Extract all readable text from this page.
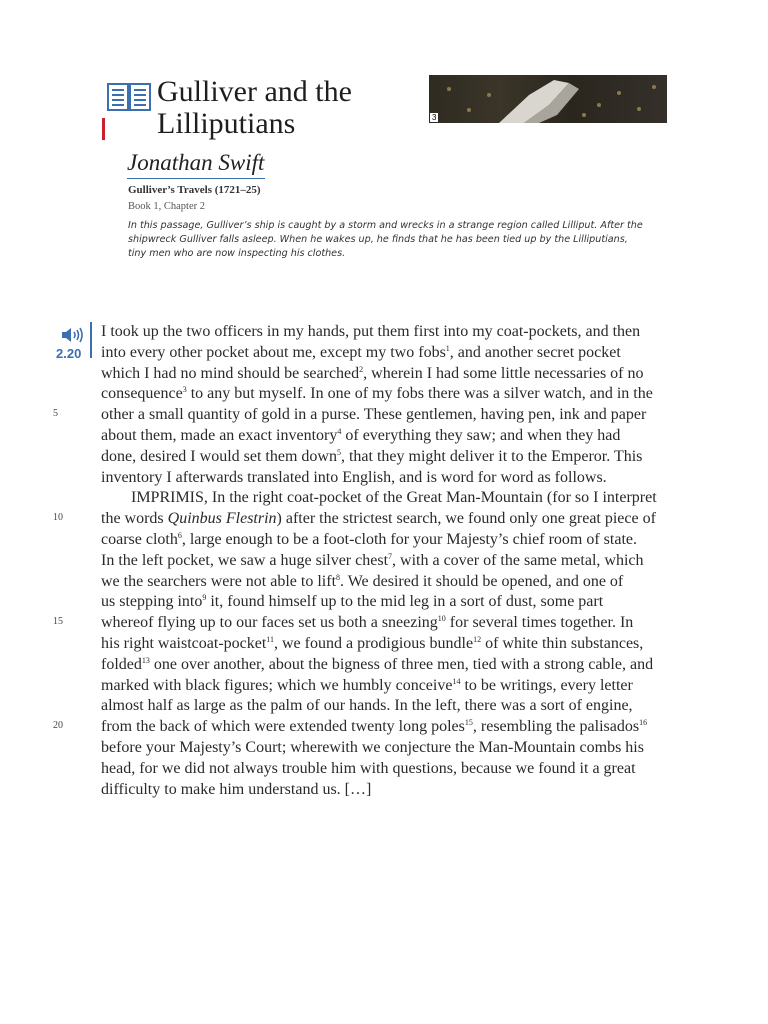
Gulliver and the
Lilliputians	3
Jonathan Swift
Gulliver’s Travels (1721–25)
Book 1, Chapter 2

In this passage, Gulliver’s ship is caught by a storm and wrecks in a strange region called Lilliput. After the
shipwreck Gulliver falls asleep. When he wakes up, he finds that he has been tied up by the Lilliputians,
tiny men who are now inspecting his clothes.

2.20
5
10
15
20
I took up the two officers in my hands, put them first into my coat-pockets, and then
into every other pocket about me, except my two fobs$^1$, and another secret pocket
which I had no mind should be searched$^2$, wherein I had some little necessaries of no
consequence$^3$ to any but myself. In one of my fobs there was a silver watch, and in the
other a small quantity of gold in a purse. These gentlemen, having pen, ink and paper
about them, made an exact inventory$^4$ of everything they saw; and when they had
done, desired I would set them down$^5$, that they might deliver it to the Emperor. This
inventory I afterwards translated into English, and is word for word as follows.
IMPRIMIS, In the right coat-pocket of the Great Man-Mountain (for so I interpret
the words Quinbus Flestrin) after the strictest search, we found only one great piece of
coarse cloth$^6$, large enough to be a foot-cloth for your Majesty’s chief room of state.
In the left pocket, we saw a huge silver chest$^7$, with a cover of the same metal, which
we the searchers were not able to lift$^8$. We desired it should be opened, and one of
us stepping into$^9$ it, found himself up to the mid leg in a sort of dust, some part
whereof flying up to our faces set us both a sneezing$^{10}$ for several times together. In
his right waistcoat-pocket$^{11}$, we found a prodigious bundle$^{12}$ of white thin substances,
folded$^{13}$ one over another, about the bigness of three men, tied with a strong cable, and
marked with black figures; which we humbly conceive$^{14}$ to be writings, every letter
almost half as large as the palm of our hands. In the left, there was a sort of engine,
from the back of which were extended twenty long poles$^{15}$, resembling the palisados$^{16}$
before your Majesty’s Court; wherewith we conjecture the Man-Mountain combs his
head, for we did not always trouble him with questions, because we found it a great
difficulty to make him understand us. […]
